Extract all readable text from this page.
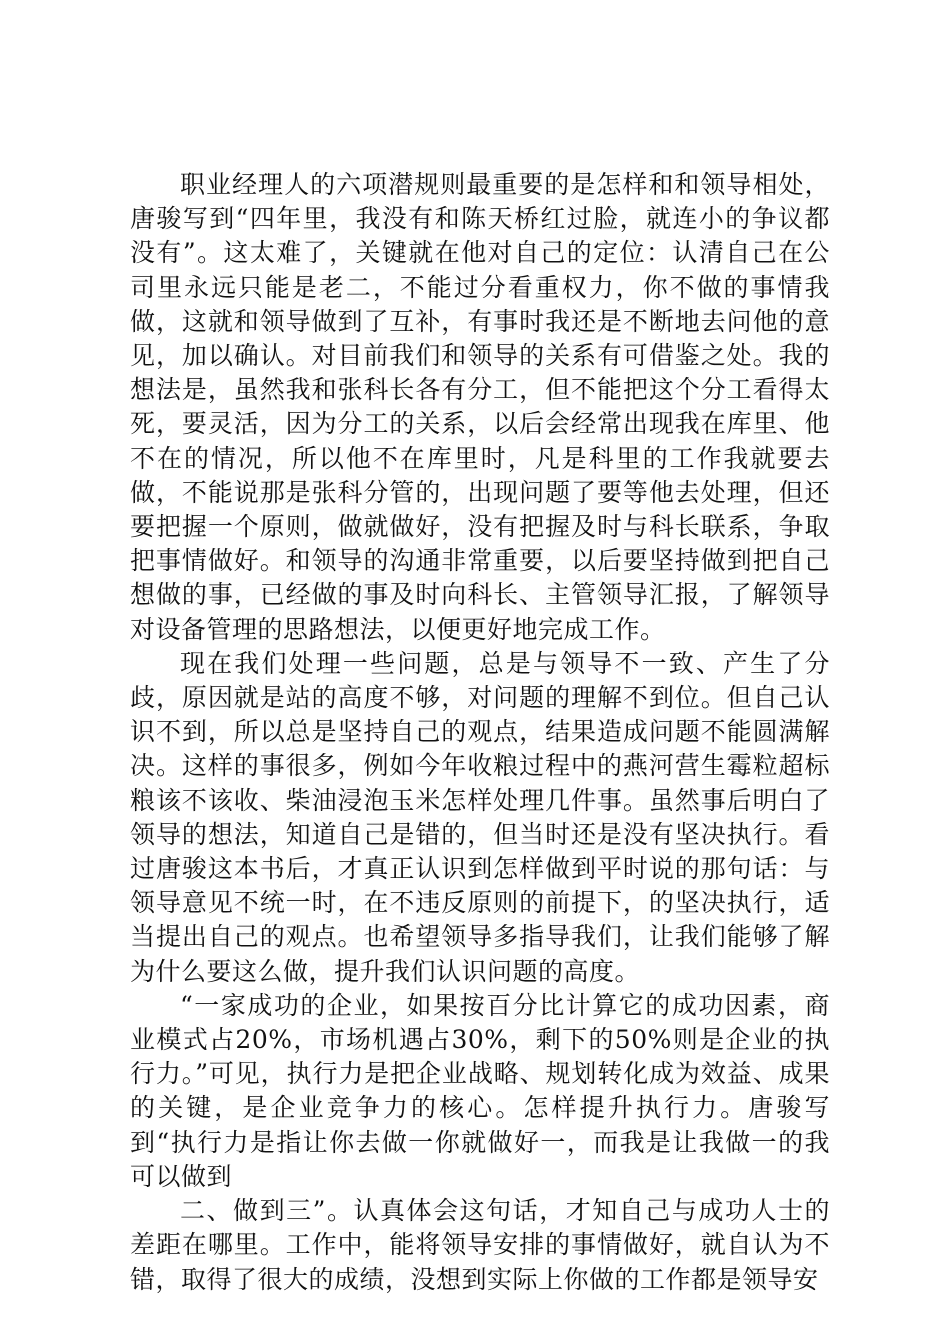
职业经理人的六项潜规则最重要的是怎样和和领导相处，唐骏写到“四年里，我没有和陈天桥红过脸，就连小的争议都没有”。这太难了，关键就在他对自己的定位：认清自己在公司里永远只能是老二，不能过分看重权力，你不做的事情我做，这就和领导做到了互补，有事时我还是不断地去问他的意见，加以确认。对目前我们和领导的关系有可借鉴之处。我的想法是，虽然我和张科长各有分工，但不能把这个分工看得太死，要灵活，因为分工的关系，以后会经常出现我在库里、他不在的情况，所以他不在库里时，凡是科里的工作我就要去做，不能说那是张科分管的，出现问题了要等他去处理，但还要把握一个原则，做就做好，没有把握及时与科长联系，争取把事情做好。和领导的沟通非常重要，以后要坚持做到把自己想做的事，已经做的事及时向科长、主管领导汇报，了解领导对设备管理的思路想法，以便更好地完成工作。

现在我们处理一些问题，总是与领导不一致、产生了分歧，原因就是站的高度不够，对问题的理解不到位。但自己认识不到，所以总是坚持自己的观点，结果造成问题不能圆满解决。这样的事很多，例如今年收粮过程中的燕河营生霉粒超标粮该不该收、柴油浸泡玉米怎样处理几件事。虽然事后明白了领导的想法，知道自己是错的，但当时还是没有坚决执行。看过唐骏这本书后，才真正认识到怎样做到平时说的那句话：与领导意见不统一时，在不违反原则的前提下，的坚决执行，适当提出自己的观点。也希望领导多指导我们，让我们能够了解为什么要这么做，提升我们认识问题的高度。

“一家成功的企业，如果按百分比计算它的成功因素，商业模式占20%，市场机遇占30%，剩下的50%则是企业的执行力。”可见，执行力是把企业战略、规划转化成为效益、成果的关键，是企业竞争力的核心。怎样提升执行力。唐骏写到“执行力是指让你去做一你就做好一，而我是让我做一的我可以做到

二、做到三”。认真体会这句话，才知自己与成功人士的差距在哪里。工作中，能将领导安排的事情做好，就自认为不错，取得了很大的成绩，没想到实际上你做的工作都是领导安
